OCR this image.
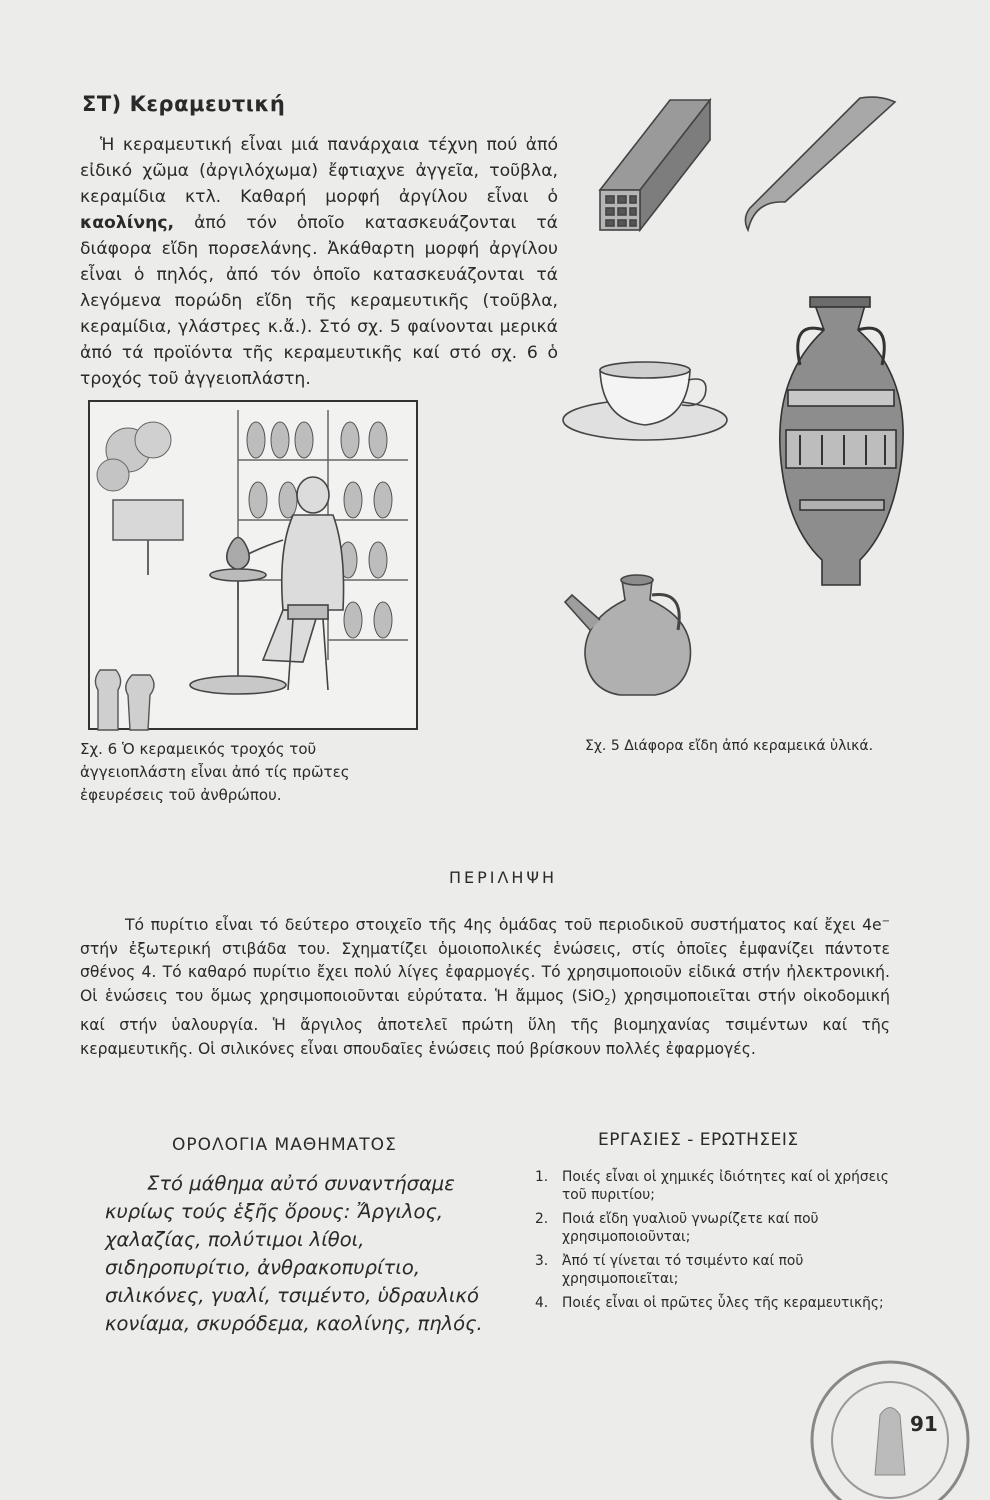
ΣΤ) Κεραμευτική

Ἡ κεραμευτική εἶναι μιά πανάρχαια τέχνη πού ἀπό εἰδικό χῶμα (ἀργιλόχωμα) ἔφτιαχνε ἀγγεῖα, τοῦβλα, κεραμίδια κτλ. Καθαρή μορφή ἀργίλου εἶναι ὁ καολίνης, ἀπό τόν ὁποῖο κατασκευάζονται τά διάφορα εἴδη πορσελάνης. Ἀκάθαρτη μορφή ἀργίλου εἶναι ὁ πηλός, ἀπό τόν ὁποῖο κατασκευάζονται τά λεγόμενα πορώδη εἴδη τῆς κεραμευτικῆς (τοῦβλα, κεραμίδια, γλάστρες κ.ἄ.). Στό σχ. 5 φαίνονται μερικά ἀπό τά προϊόντα τῆς κεραμευτικῆς καί στό σχ. 6 ὁ τροχός τοῦ ἀγγειοπλάστη.

Σχ. 6 Ὁ κεραμεικός τροχός τοῦ ἀγγειοπλάστη εἶναι ἀπό τίς πρῶτες ἐφευρέσεις τοῦ ἀνθρώπου.
Σχ. 5 Διάφορα εἴδη ἀπό κεραμεικά ὑλικά.
ΠΕΡΙΛΗΨΗ

Τό πυρίτιο εἶναι τό δεύτερο στοιχεῖο τῆς 4ης ὁμάδας τοῦ περιοδικοῦ συστήματος καί ἔχει 4e− στήν ἐξωτερική στιβάδα του. Σχηματίζει ὁμοιοπολικές ἑνώσεις, στίς ὁποῖες ἐμφανίζει πάντοτε σθένος 4. Τό καθαρό πυρίτιο ἔχει πολύ λίγες ἐφαρμογές. Τό χρησιμοποιοῦν εἰδικά στήν ἠλεκτρονική. Οἱ ἑνώσεις του ὅμως χρησιμοποιοῦνται εὐρύτατα. Ἡ ἄμμος (SiO$_2$) χρησιμοποιεῖται στήν οἰκοδομική καί στήν ὑαλουργία. Ἡ ἄργιλος ἀποτελεῖ πρώτη ὕλη τῆς βιομηχανίας τσιμέντων καί τῆς κεραμευτικῆς. Οἱ σιλικόνες εἶναι σπουδαῖες ἑνώσεις πού βρίσκουν πολλές ἐφαρμογές.

ΟΡΟΛΟΓΙΑ ΜΑΘΗΜΑΤΟΣ

Στό μάθημα αὐτό συναντήσαμε κυρίως τούς ἑξῆς ὅρους: Ἄργιλος, χαλαζίας, πολύτιμοι λίθοι, σιδηροπυρίτιο, ἀνθρακοπυρίτιο, σιλικόνες, γυαλί, τσιμέντο, ὑδραυλικό κονίαμα, σκυρόδεμα, καολίνης, πηλός.

ΕΡΓΑΣΙΕΣ - ΕΡΩΤΗΣΕΙΣ
1. Ποιές εἶναι οἱ χημικές ἰδιότητες καί οἱ χρήσεις τοῦ πυριτίου;
2. Ποιά εἴδη γυαλιοῦ γνωρίζετε καί ποῦ χρησιμοποιοῦνται;
3. Ἀπό τί γίνεται τό τσιμέντο καί ποῦ χρησιμοποιεῖται;
4. Ποιές εἶναι οἱ πρῶτες ὗλες τῆς κεραμευτικῆς;
91
